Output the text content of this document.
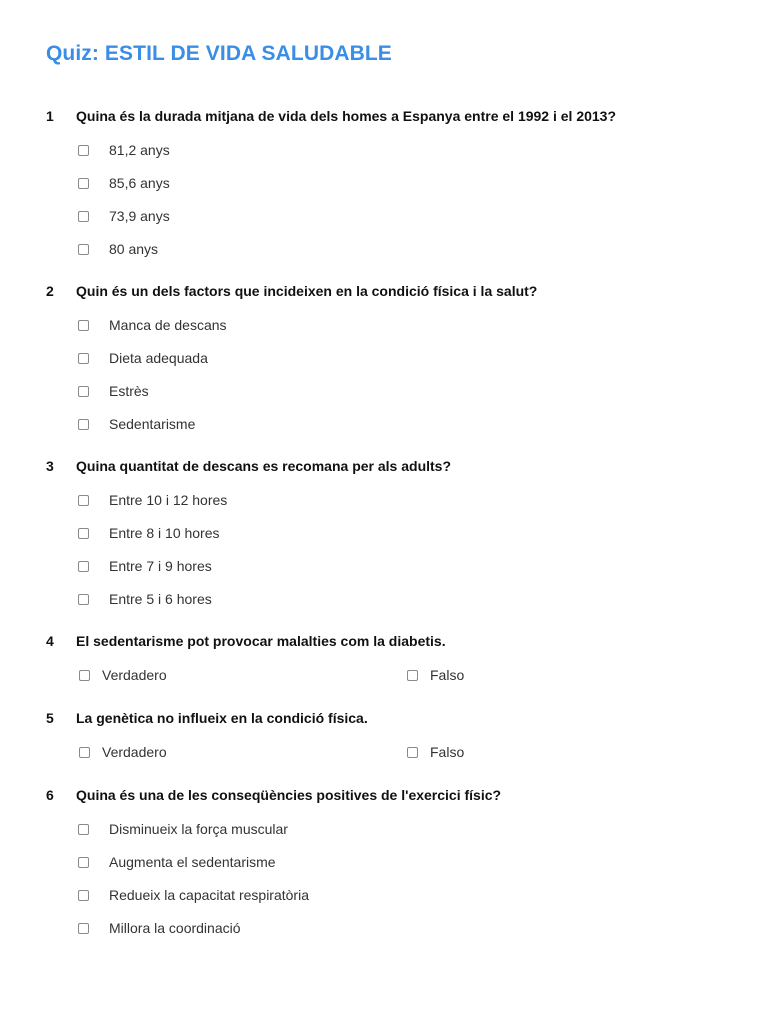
Quiz: ESTIL DE VIDA SALUDABLE
1 Quina és la durada mitjana de vida dels homes a Espanya entre el 1992 i el 2013?
81,2 anys
85,6 anys
73,9 anys
80 anys
2 Quin és un dels factors que incideixen en la condició física i la salut?
Manca de descans
Dieta adequada
Estrès
Sedentarisme
3 Quina quantitat de descans es recomana per als adults?
Entre 10 i 12 hores
Entre 8 i 10 hores
Entre 7 i 9 hores
Entre 5 i 6 hores
4 El sedentarisme pot provocar malalties com la diabetis.
Verdadero	Falso
5 La genètica no influeix en la condició física.
Verdadero	Falso
6 Quina és una de les conseqüències positives de l'exercici físic?
Disminueix la força muscular
Augmenta el sedentarisme
Redueix la capacitat respiratòria
Millora la coordinació
